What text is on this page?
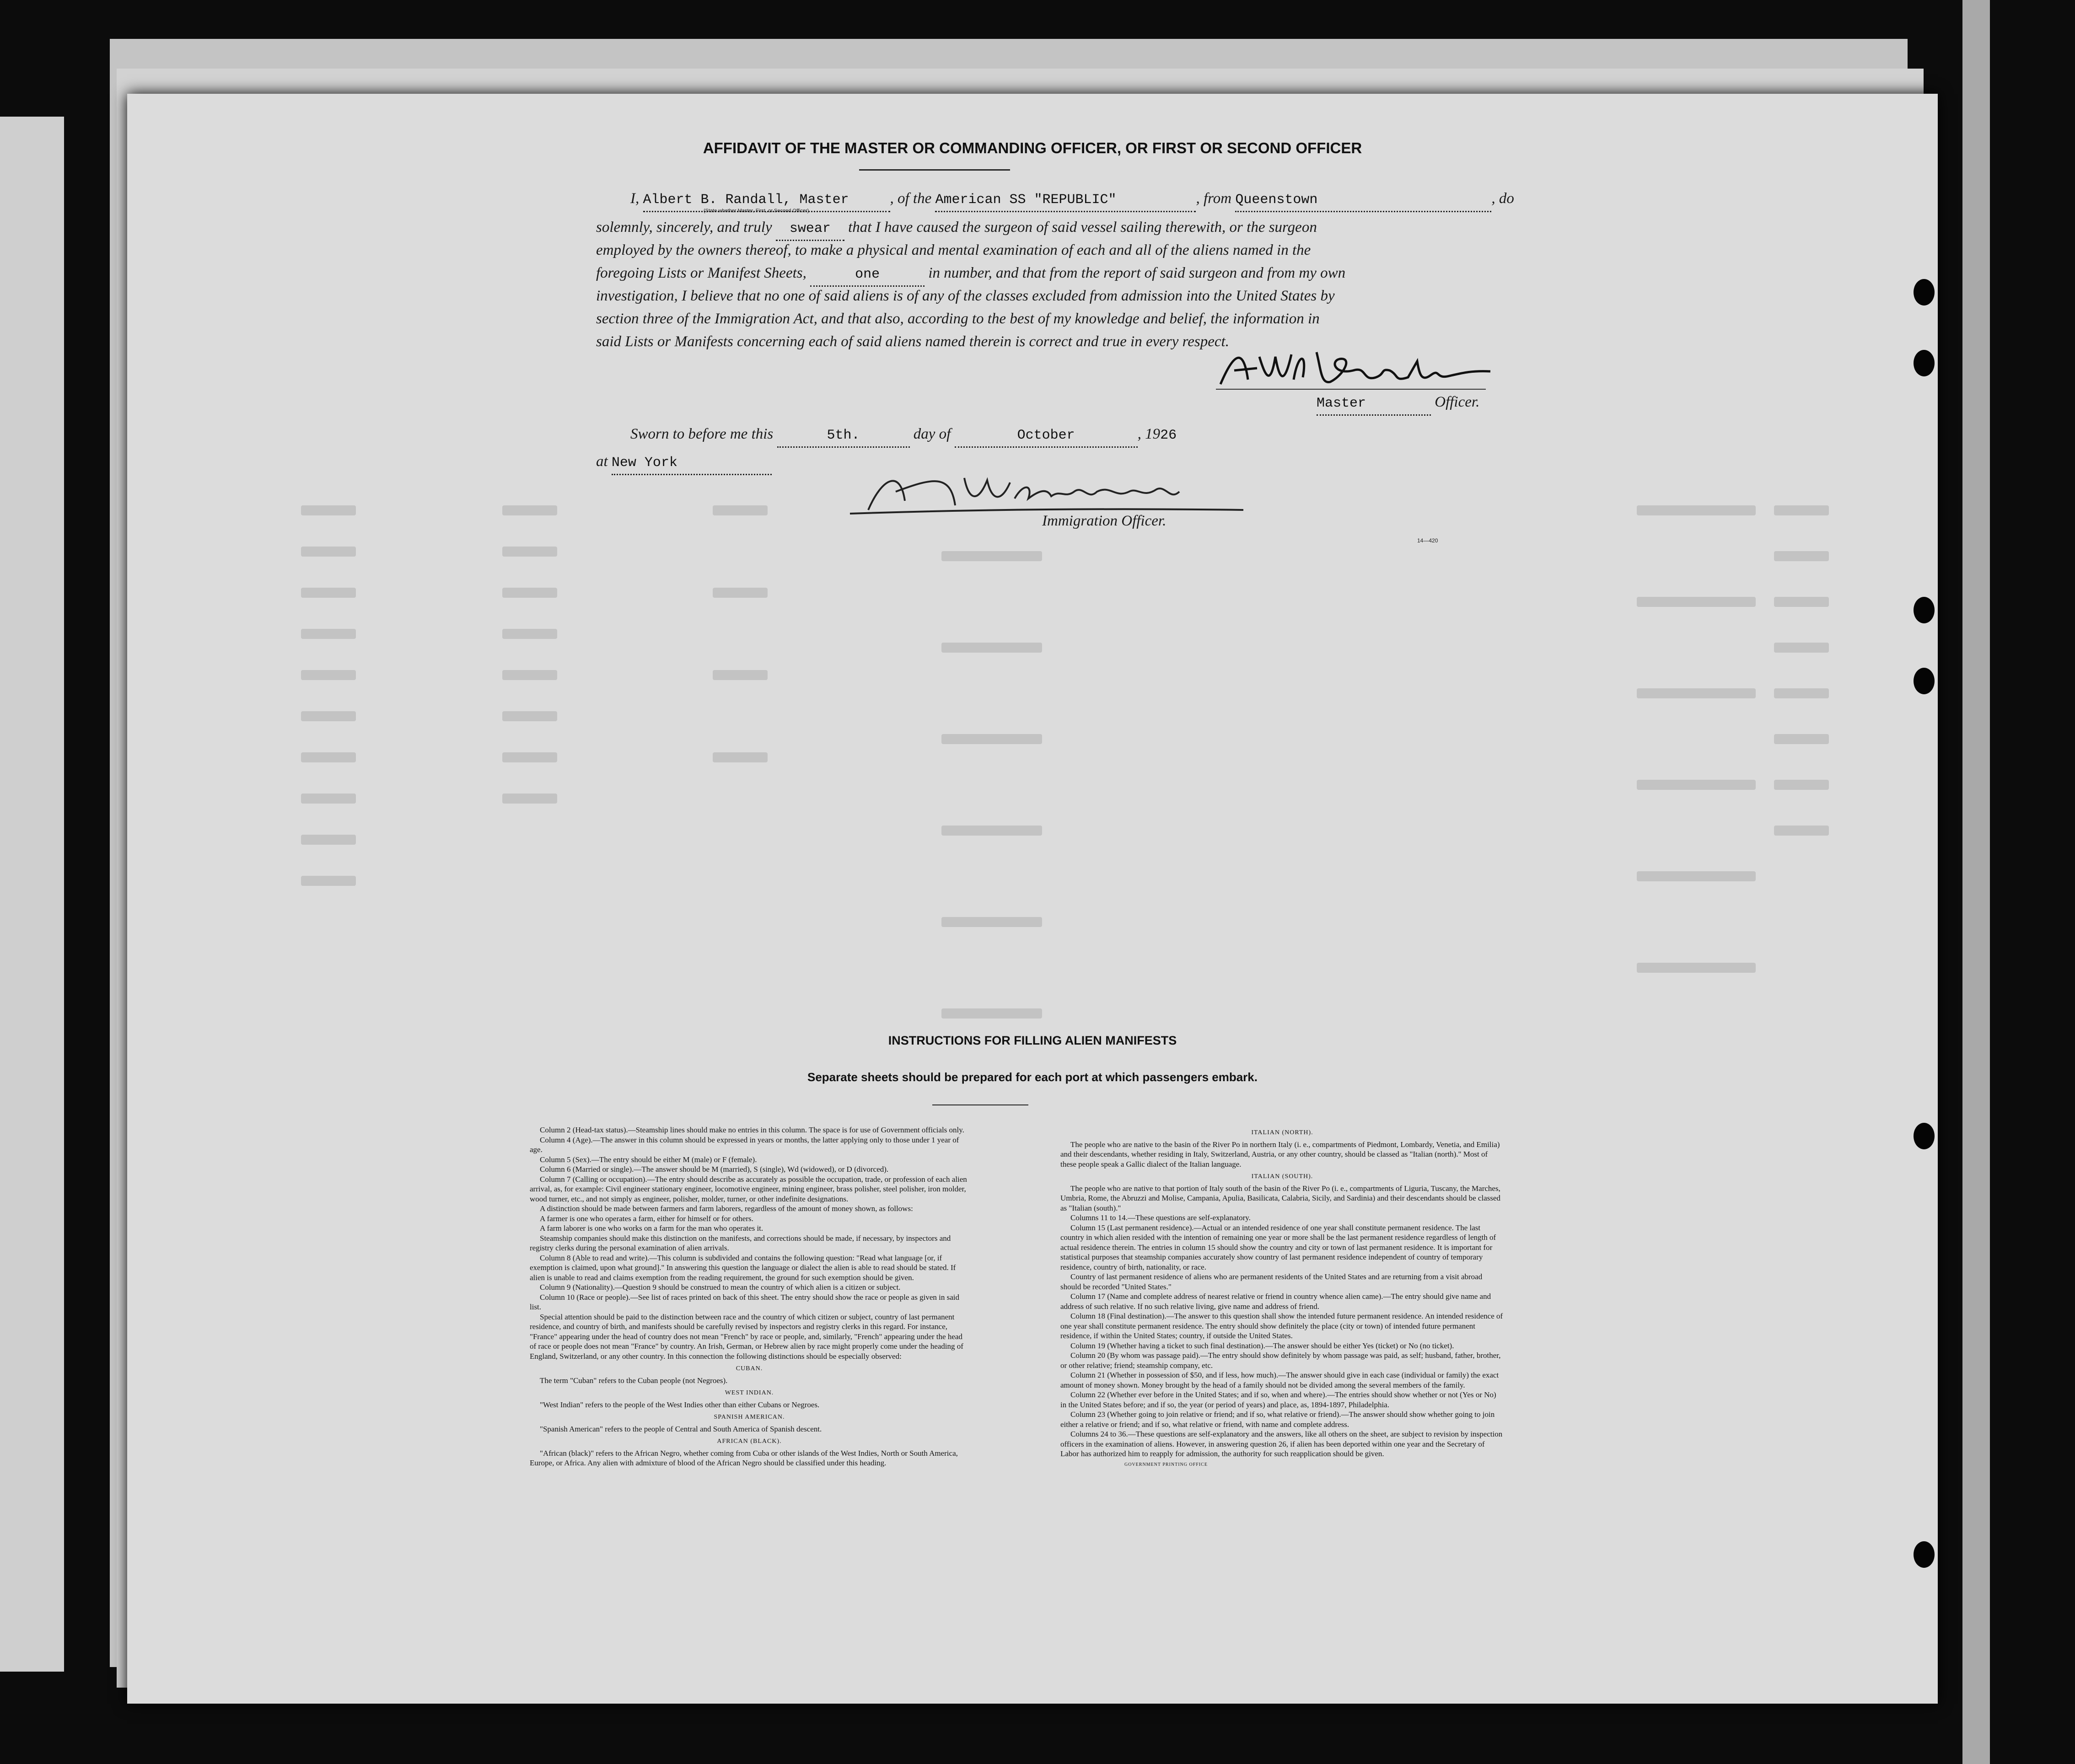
AFFIDAVIT OF THE MASTER OR COMMANDING OFFICER, OR FIRST OR SECOND OFFICER
I, Albert B. Randall, Master	, of the American SS "REPUBLIC"	, from Queenstown	, do
(State whether Master, First, or Second Officer)
solemnly, sincerely, and truly swear that I have caused the surgeon of said vessel sailing therewith, or the surgeon
employed by the owners thereof, to make a physical and mental examination of each and all of the aliens named in the
foregoing Lists or Manifest Sheets,	one	in number, and that from the report of said surgeon and from my own
investigation, I believe that no one of said aliens is of any of the classes excluded from admission into the United States by
section three of the Immigration Act, and that also, according to the best of my knowledge and belief, the information in
said Lists or Manifests concerning each of said aliens named therein is correct and true in every respect.
Master	Officer.
Sworn to before me this	5th.	day of	October	, 1926
at New York
Immigration Officer.
14—420
INSTRUCTIONS FOR FILLING ALIEN MANIFESTS
Separate sheets should be prepared for each port at which passengers embark.

Column 2 (Head-tax status).—Steamship lines should make no entries in this column. The space is for use of Government officials only.

Column 4 (Age).—The answer in this column should be expressed in years or months, the latter applying only to those under 1 year of age.

Column 5 (Sex).—The entry should be either M (male) or F (female).

Column 6 (Married or single).—The answer should be M (married), S (single), Wd (widowed), or D (divorced).

Column 7 (Calling or occupation).—The entry should describe as accurately as possible the occupation, trade, or profession of each alien arrival, as, for example: Civil engineer stationary engineer, locomotive engineer, mining engineer, brass polisher, steel polisher, iron molder, wood turner, etc., and not simply as engineer, polisher, molder, turner, or other indefinite designations.

A distinction should be made between farmers and farm laborers, regardless of the amount of money shown, as follows:

A farmer is one who operates a farm, either for himself or for others.

A farm laborer is one who works on a farm for the man who operates it.

Steamship companies should make this distinction on the manifests, and corrections should be made, if necessary, by inspectors and registry clerks during the personal examination of alien arrivals.

Column 8 (Able to read and write).—This column is subdivided and contains the following question: "Read what language [or, if exemption is claimed, upon what ground]." In answering this question the language or dialect the alien is able to read should be stated. If alien is unable to read and claims exemption from the reading requirement, the ground for such exemption should be given.

Column 9 (Nationality).—Question 9 should be construed to mean the country of which alien is a citizen or subject.

Column 10 (Race or people).—See list of races printed on back of this sheet. The entry should show the race or people as given in said list.

Special attention should be paid to the distinction between race and the country of which citizen or subject, country of last permanent residence, and country of birth, and manifests should be carefully revised by inspectors and registry clerks in this regard. For instance, "France" appearing under the head of country does not mean "French" by race or people, and, similarly, "French" appearing under the head of race or people does not mean "France" by country. An Irish, German, or Hebrew alien by race might properly come under the heading of England, Switzerland, or any other country. In this connection the following distinctions should be especially observed:

CUBAN.

The term "Cuban" refers to the Cuban people (not Negroes).

WEST INDIAN.

"West Indian" refers to the people of the West Indies other than either Cubans or Negroes.

SPANISH AMERICAN.

"Spanish American" refers to the people of Central and South America of Spanish descent.

AFRICAN (BLACK).

"African (black)" refers to the African Negro, whether coming from Cuba or other islands of the West Indies, North or South America, Europe, or Africa. Any alien with admixture of blood of the African Negro should be classified under this heading.

ITALIAN (NORTH).

The people who are native to the basin of the River Po in northern Italy (i. e., compartments of Piedmont, Lombardy, Venetia, and Emilia) and their descendants, whether residing in Italy, Switzerland, Austria, or any other country, should be classed as "Italian (north)." Most of these people speak a Gallic dialect of the Italian language.

ITALIAN (SOUTH).

The people who are native to that portion of Italy south of the basin of the River Po (i. e., compartments of Liguria, Tuscany, the Marches, Umbria, Rome, the Abruzzi and Molise, Campania, Apulia, Basilicata, Calabria, Sicily, and Sardinia) and their descendants should be classed as "Italian (south)."

Columns 11 to 14.—These questions are self-explanatory.

Column 15 (Last permanent residence).—Actual or an intended residence of one year shall constitute permanent residence. The last country in which alien resided with the intention of remaining one year or more shall be the last permanent residence regardless of length of actual residence therein. The entries in column 15 should show the country and city or town of last permanent residence. It is important for statistical purposes that steamship companies accurately show country of last permanent residence independent of country of temporary residence, country of birth, nationality, or race.

Country of last permanent residence of aliens who are permanent residents of the United States and are returning from a visit abroad should be recorded "United States."

Column 17 (Name and complete address of nearest relative or friend in country whence alien came).—The entry should give name and address of such relative. If no such relative living, give name and address of friend.

Column 18 (Final destination).—The answer to this question shall show the intended future permanent residence. An intended residence of one year shall constitute permanent residence. The entry should show definitely the place (city or town) of intended future permanent residence, if within the United States; country, if outside the United States.

Column 19 (Whether having a ticket to such final destination).—The answer should be either Yes (ticket) or No (no ticket).

Column 20 (By whom was passage paid).—The entry should show definitely by whom passage was paid, as self; husband, father, brother, or other relative; friend; steamship company, etc.

Column 21 (Whether in possession of $50, and if less, how much).—The answer should give in each case (individual or family) the exact amount of money shown. Money brought by the head of a family should not be divided among the several members of the family.

Column 22 (Whether ever before in the United States; and if so, when and where).—The entries should show whether or not (Yes or No) in the United States before; and if so, the year (or period of years) and place, as, 1894-1897, Philadelphia.

Column 23 (Whether going to join relative or friend; and if so, what relative or friend).—The answer should show whether going to join either a relative or friend; and if so, what relative or friend, with name and complete address.

Columns 24 to 36.—These questions are self-explanatory and the answers, like all others on the sheet, are subject to revision by inspection officers in the examination of aliens. However, in answering question 26, if alien has been deported within one year and the Secretary of Labor has authorized him to reapply for admission, the authority for such reapplication should be given.

GOVERNMENT PRINTING OFFICE
